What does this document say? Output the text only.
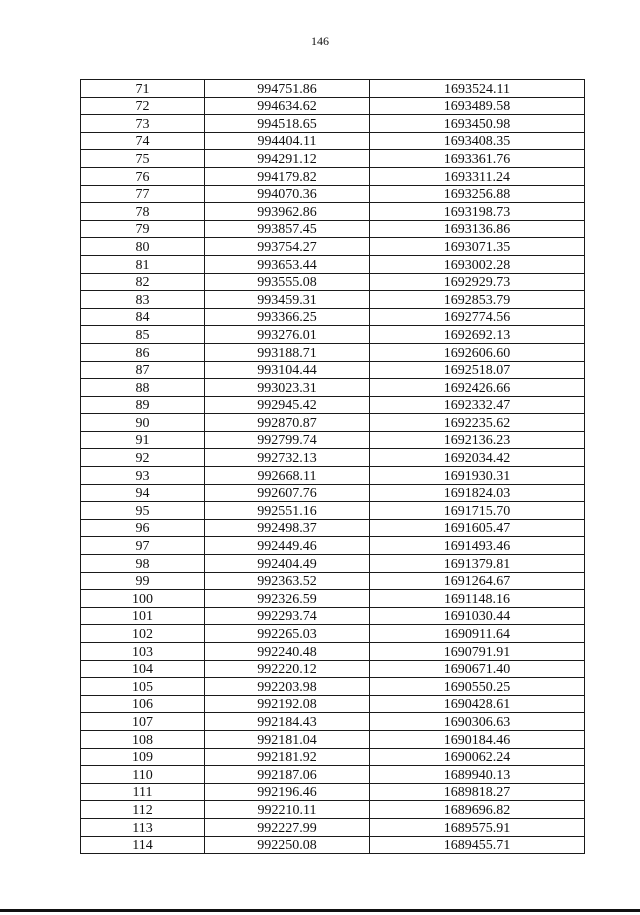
146
71	994751.86	1693524.11
72	994634.62	1693489.58
73	994518.65	1693450.98
74	994404.11	1693408.35
75	994291.12	1693361.76
76	994179.82	1693311.24
77	994070.36	1693256.88
78	993962.86	1693198.73
79	993857.45	1693136.86
80	993754.27	1693071.35
81	993653.44	1693002.28
82	993555.08	1692929.73
83	993459.31	1692853.79
84	993366.25	1692774.56
85	993276.01	1692692.13
86	993188.71	1692606.60
87	993104.44	1692518.07
88	993023.31	1692426.66
89	992945.42	1692332.47
90	992870.87	1692235.62
91	992799.74	1692136.23
92	992732.13	1692034.42
93	992668.11	1691930.31
94	992607.76	1691824.03
95	992551.16	1691715.70
96	992498.37	1691605.47
97	992449.46	1691493.46
98	992404.49	1691379.81
99	992363.52	1691264.67
100	992326.59	1691148.16
101	992293.74	1691030.44
102	992265.03	1690911.64
103	992240.48	1690791.91
104	992220.12	1690671.40
105	992203.98	1690550.25
106	992192.08	1690428.61
107	992184.43	1690306.63
108	992181.04	1690184.46
109	992181.92	1690062.24
110	992187.06	1689940.13
111	992196.46	1689818.27
112	992210.11	1689696.82
113	992227.99	1689575.91
114	992250.08	1689455.71
